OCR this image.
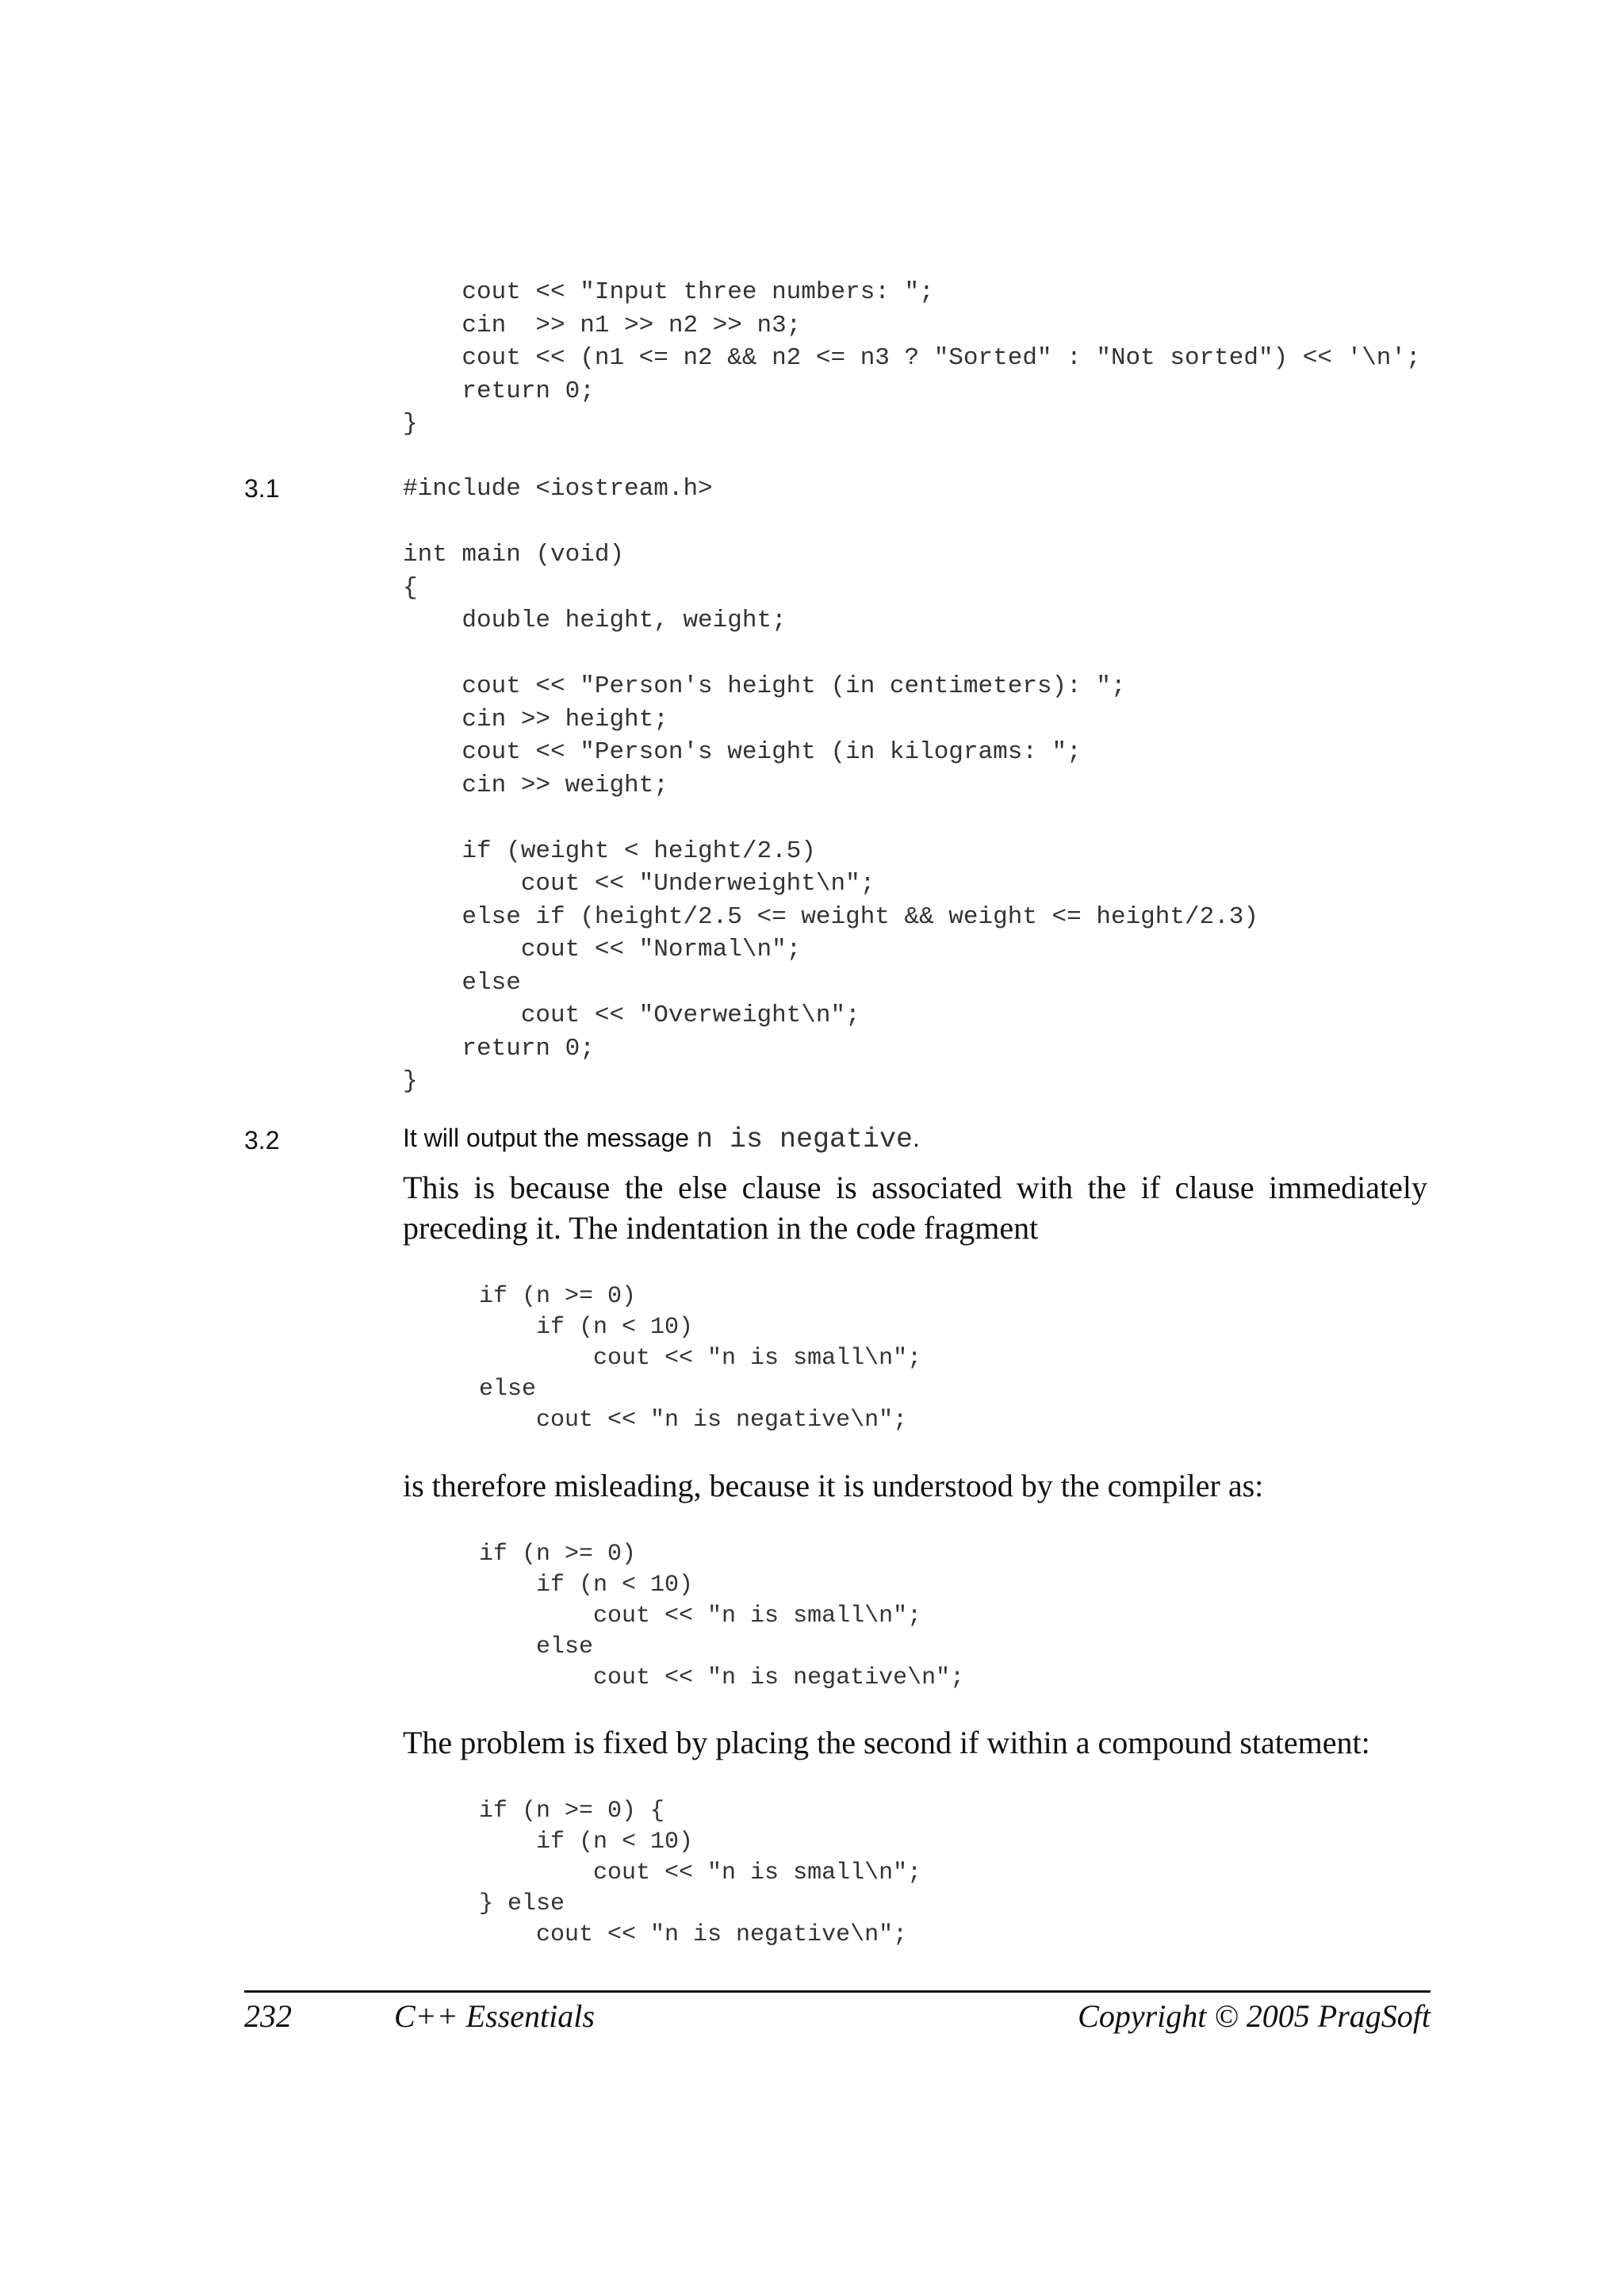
cout << "Input three numbers: ";
cin  >> n1 >> n2 >> n3;
cout << (n1 <= n2 && n2 <= n3 ? "Sorted" : "Not sorted") << '\n';
return 0;
}
3.1	#include <iostream.h>

int main (void)
{
double height, weight;

cout << "Person's height (in centimeters): ";
cin >> height;
cout << "Person's weight (in kilograms: ";
cin >> weight;

if (weight < height/2.5)
cout << "Underweight\n";
else if (height/2.5 <= weight && weight <= height/2.3)
cout << "Normal\n";
else
cout << "Overweight\n";
return 0;
}
3.2	It will output the message n is negative.
This is because the else clause is associated with the if clause immediately preceding it. The indentation in the code fragment
if (n >= 0)
if (n < 10)
cout << "n is small\n";
else
cout << "n is negative\n";
is therefore misleading, because it is understood by the compiler as:
if (n >= 0)
if (n < 10)
cout << "n is small\n";
else
cout << "n is negative\n";
The problem is fixed by placing the second if within a compound statement:
if (n >= 0) {
if (n < 10)
cout << "n is small\n";
} else
cout << "n is negative\n";
232	C++ Essentials	Copyright © 2005 PragSoft
